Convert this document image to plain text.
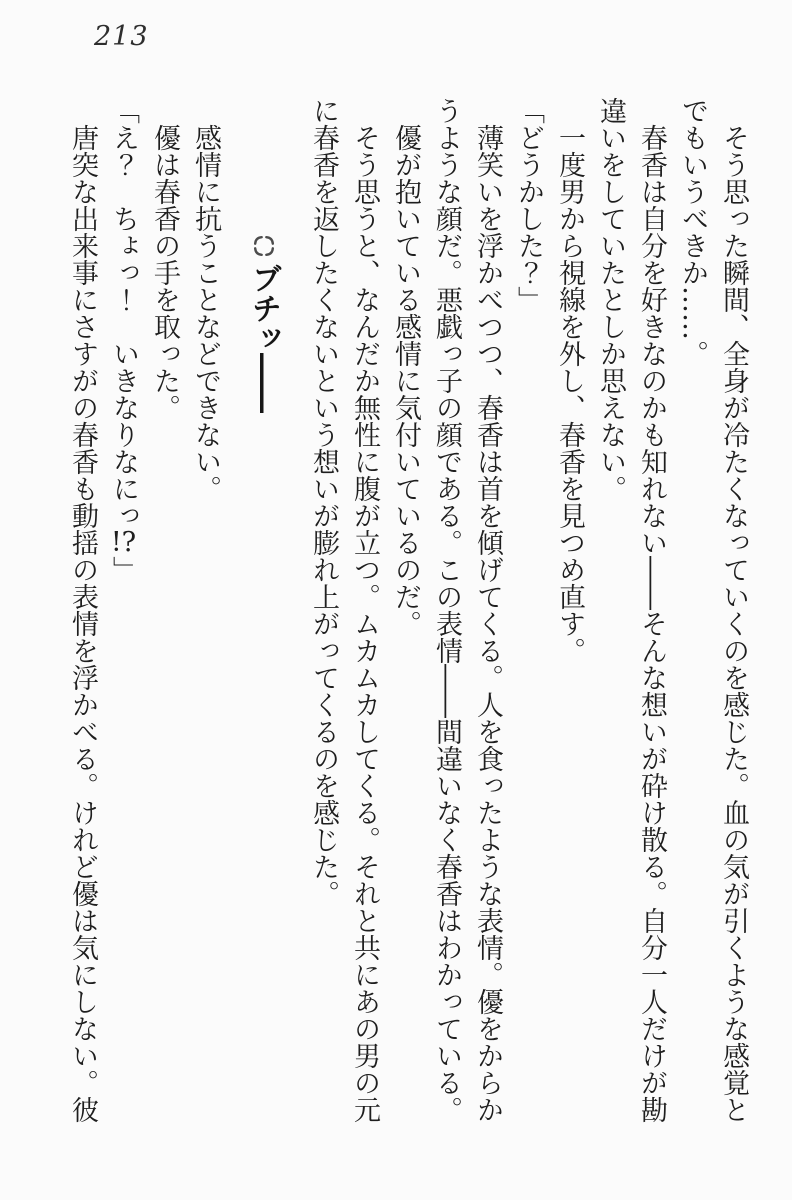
213

そう思った瞬間、全身が冷たくなっていくのを感じた。血の気が引くような感覚と

でもいうべきか……。

春香は自分を好きなのかも知れない――そんな想いが砕け散る。自分一人だけが勘

違いをしていたとしか思えない。

一度男から視線を外し、春香を見つめ直す。

「どうかした？」

薄笑いを浮かべつつ、春香は首を傾げてくる。人を食ったような表情。優をからか

うような顔だ。悪戯っ子の顔である。この表情――間違いなく春香はわかっている。

優が抱いている感情に気付いているのだ。

そう思うと、なんだか無性に腹が立つ。ムカムカしてくる。それと共にあの男の元

に春香を返したくないという想いが膨れ上がってくるのを感じた。

ブチッ――

感情に抗うことなどできない。

優は春香の手を取った。

「え？　ちょっ！　いきなりなにっ!?」

唐突な出来事にさすがの春香も動揺の表情を浮かべる。けれど優は気にしない。彼
